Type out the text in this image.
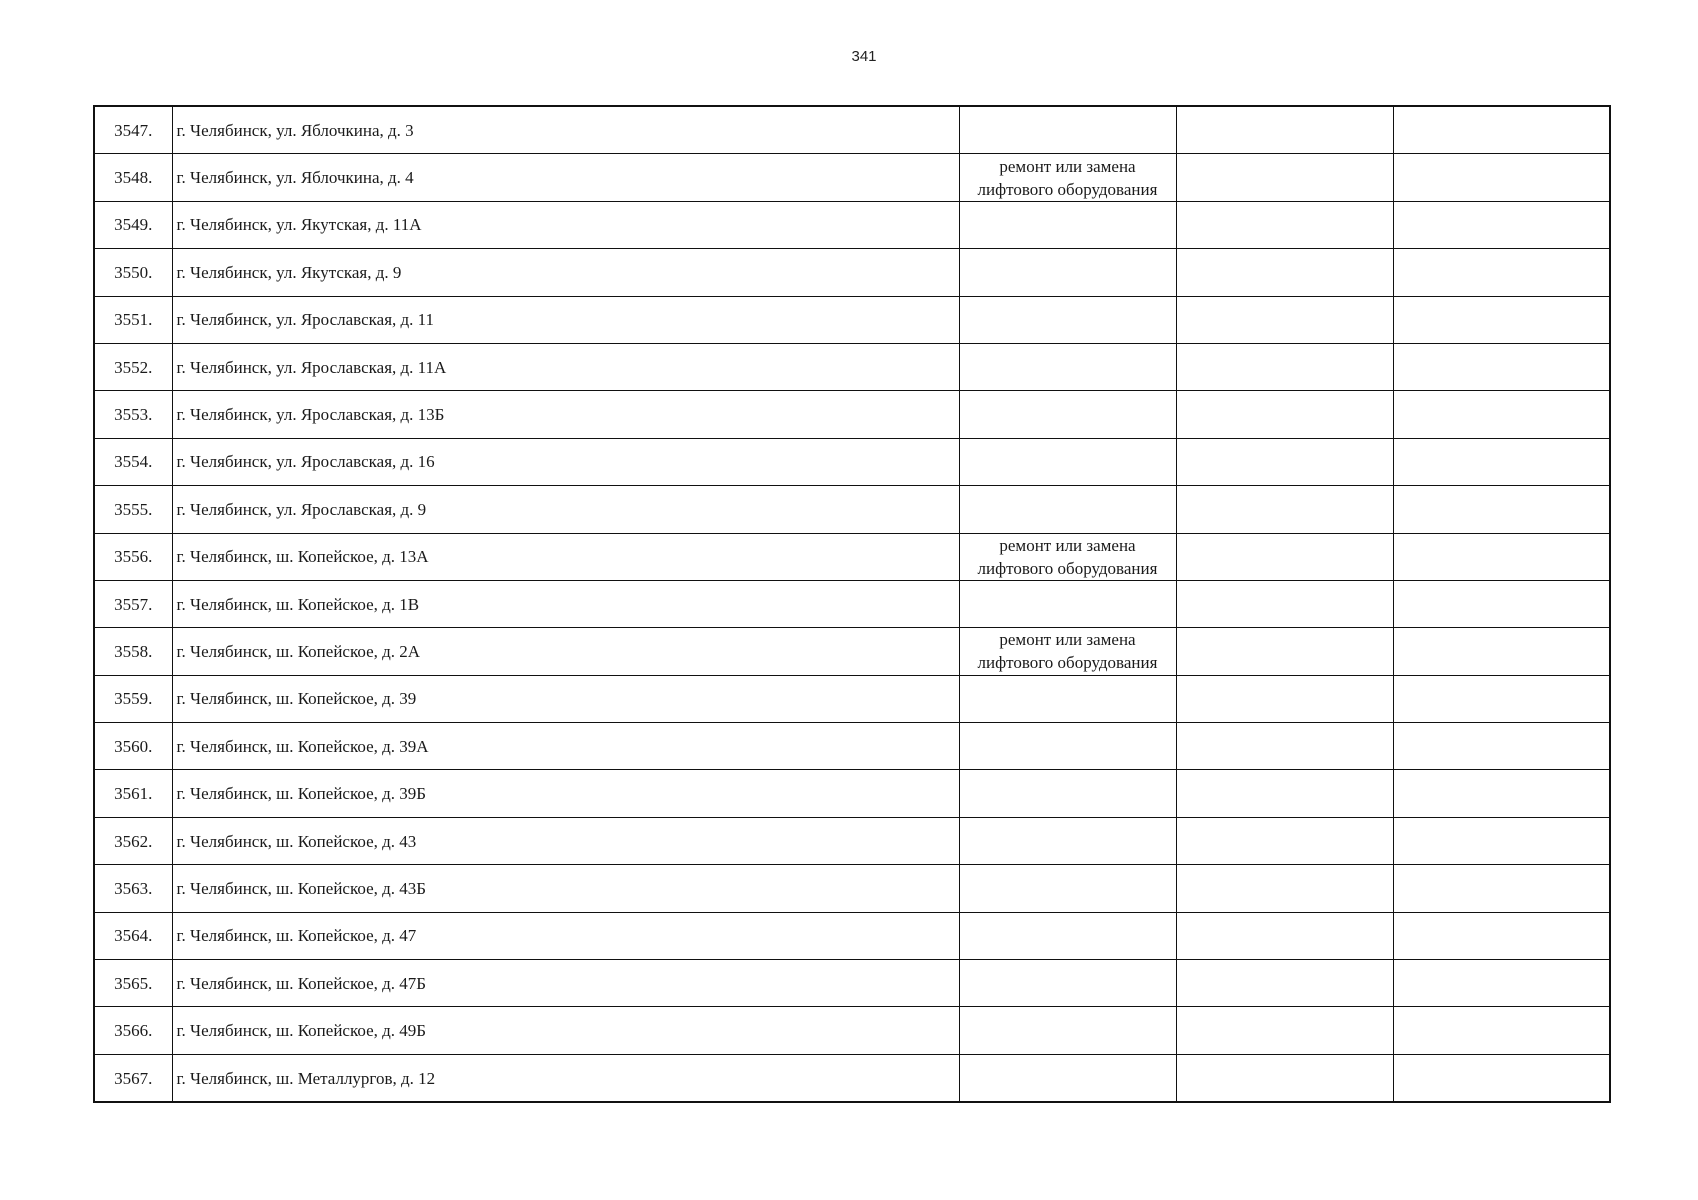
341
3547.	г. Челябинск, ул. Яблочкина, д. 3			
3548.	г. Челябинск, ул. Яблочкина, д. 4	ремонт или замена лифтового оборудования		
3549.	г. Челябинск, ул. Якутская, д. 11А			
3550.	г. Челябинск, ул. Якутская, д. 9			
3551.	г. Челябинск, ул. Ярославская, д. 11			
3552.	г. Челябинск, ул. Ярославская, д. 11А			
3553.	г. Челябинск, ул. Ярославская, д. 13Б			
3554.	г. Челябинск, ул. Ярославская, д. 16			
3555.	г. Челябинск, ул. Ярославская, д. 9			
3556.	г. Челябинск, ш. Копейское, д. 13А	ремонт или замена лифтового оборудования		
3557.	г. Челябинск, ш. Копейское, д. 1В			
3558.	г. Челябинск, ш. Копейское, д. 2А	ремонт или замена лифтового оборудования		
3559.	г. Челябинск, ш. Копейское, д. 39			
3560.	г. Челябинск, ш. Копейское, д. 39А			
3561.	г. Челябинск, ш. Копейское, д. 39Б			
3562.	г. Челябинск, ш. Копейское, д. 43			
3563.	г. Челябинск, ш. Копейское, д. 43Б			
3564.	г. Челябинск, ш. Копейское, д. 47			
3565.	г. Челябинск, ш. Копейское, д. 47Б			
3566.	г. Челябинск, ш. Копейское, д. 49Б			
3567.	г. Челябинск, ш. Металлургов, д. 12			
